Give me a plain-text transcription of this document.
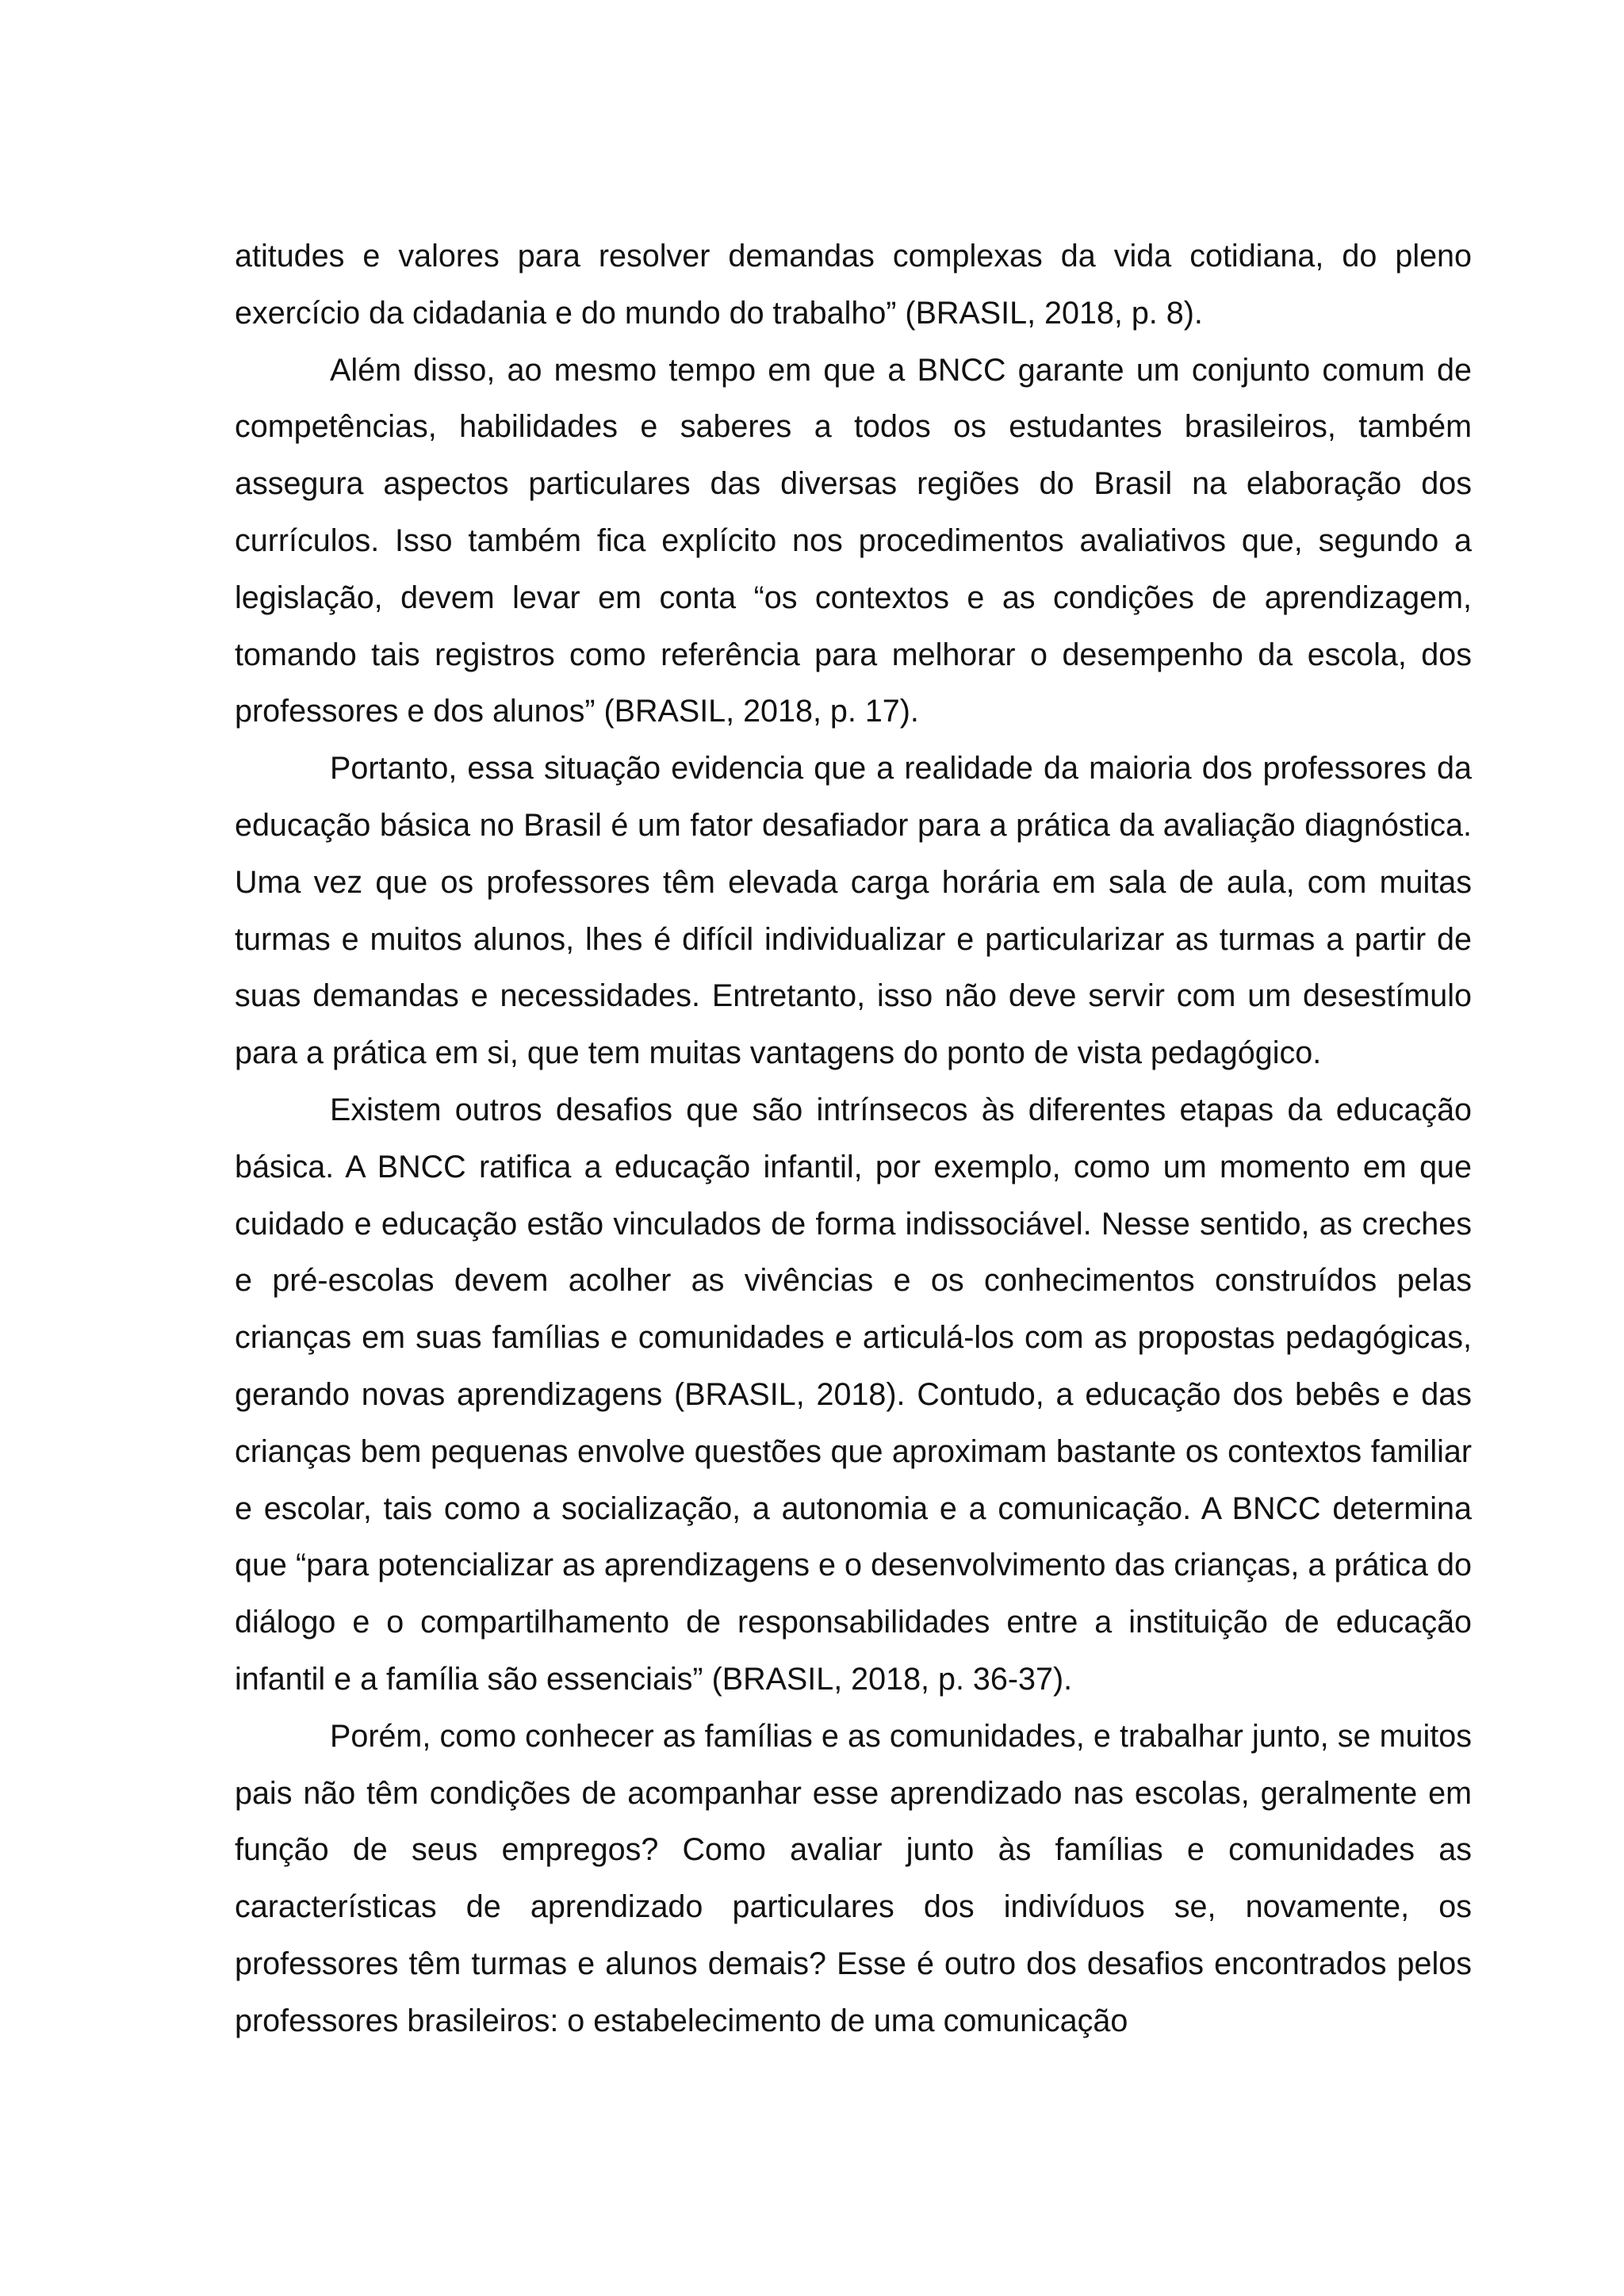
atitudes e valores para resolver demandas complexas da vida cotidiana, do pleno exercício da cidadania e do mundo do trabalho” (BRASIL, 2018, p. 8).

Além disso, ao mesmo tempo em que a BNCC garante um conjunto comum de competências, habilidades e saberes a todos os estudantes brasileiros, também assegura aspectos particulares das diversas regiões do Brasil na elaboração dos currículos. Isso também fica explícito nos procedimentos avaliativos que, segundo a legislação, devem levar em conta “os contextos e as condições de aprendizagem, tomando tais registros como referência para melhorar o desempenho da escola, dos professores e dos alunos” (BRASIL, 2018, p. 17).

Portanto, essa situação evidencia que a realidade da maioria dos professores da educação básica no Brasil é um fator desafiador para a prática da avaliação diagnóstica. Uma vez que os professores têm elevada carga horária em sala de aula, com muitas turmas e muitos alunos, lhes é difícil individualizar e particularizar as turmas a partir de suas demandas e necessidades. Entretanto, isso não deve servir com um desestímulo para a prática em si, que tem muitas vantagens do ponto de vista pedagógico.

Existem outros desafios que são intrínsecos às diferentes etapas da educação básica. A BNCC ratifica a educação infantil, por exemplo, como um momento em que cuidado e educação estão vinculados de forma indissociável. Nesse sentido, as creches e pré-escolas devem acolher as vivências e os conhecimentos construídos pelas crianças em suas famílias e comunidades e articulá-los com as propostas pedagógicas, gerando novas aprendizagens (BRASIL, 2018). Contudo, a educação dos bebês e das crianças bem pequenas envolve questões que aproximam bastante os contextos familiar e escolar, tais como a socialização, a autonomia e a comunicação. A BNCC determina que “para potencializar as aprendizagens e o desenvolvimento das crianças, a prática do diálogo e o compartilhamento de responsabilidades entre a instituição de educação infantil e a família são essenciais” (BRASIL, 2018, p. 36-37).

Porém, como conhecer as famílias e as comunidades, e trabalhar junto, se muitos pais não têm condições de acompanhar esse aprendizado nas escolas, geralmente em função de seus empregos? Como avaliar junto às famílias e comunidades as características de aprendizado particulares dos indivíduos se, novamente, os professores têm turmas e alunos demais? Esse é outro dos desafios encontrados pelos professores brasileiros: o estabelecimento de uma comunicação
